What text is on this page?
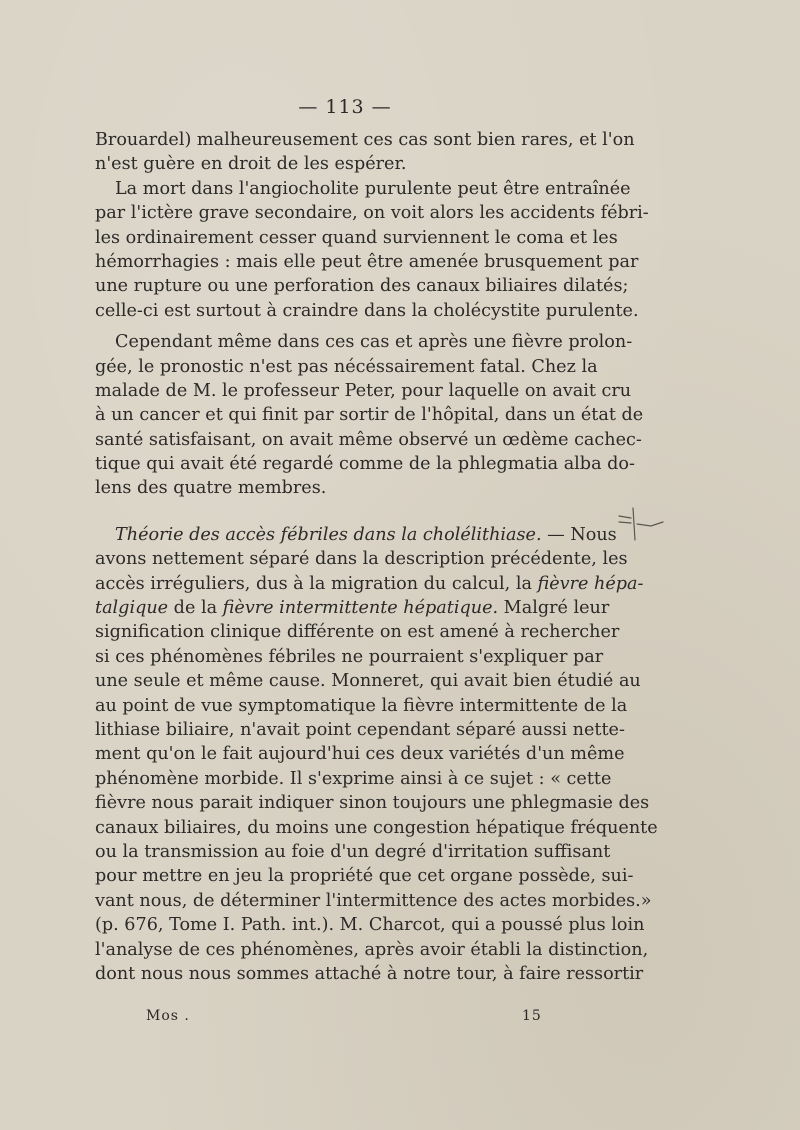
— 113 —
Brouardel) malheureusement ces cas sont bien rares, et l'on
n'est guère en droit de les espérer.
La mort dans l'angiocholite purulente peut être entraînée
par l'ictère grave secondaire, on voit alors les accidents fébri-
les ordinairement cesser quand surviennent le coma et les
hémorrhagies : mais elle peut être amenée brusquement par
une rupture ou une perforation des canaux biliaires dilatés;
celle-ci est surtout à craindre dans la cholécystite purulente.
Cependant même dans ces cas et après une fièvre prolon-
gée, le pronostic n'est pas nécéssairement fatal. Chez la
malade de M. le professeur Peter, pour laquelle on avait cru
à un cancer et qui finit par sortir de l'hôpital, dans un état de
santé satisfaisant, on avait même observé un œdème cachec-
tique qui avait été regardé comme de la phlegmatia alba do-
lens des quatre membres.
Théorie des accès fébriles dans la cholélithiase. — Nous
avons nettement séparé dans la description précédente, les
accès irréguliers, dus à la migration du calcul, la fièvre hépa-
talgique de la fièvre intermittente hépatique. Malgré leur
signification clinique différente on est amené à rechercher
si ces phénomènes fébriles ne pourraient s'expliquer par
une seule et même cause. Monneret, qui avait bien étudié au
au point de vue symptomatique la fièvre intermittente de la
lithiase biliaire, n'avait point cependant séparé aussi nette-
ment qu'on le fait aujourd'hui ces deux variétés d'un même
phénomène morbide. Il s'exprime ainsi à ce sujet : « cette
fièvre nous parait indiquer sinon toujours une phlegmasie des
canaux biliaires, du moins une congestion hépatique fréquente
ou la transmission au foie d'un degré d'irritation suffisant
pour mettre en jeu la propriété que cet organe possède, sui-
vant nous, de déterminer l'intermittence des actes morbides.»
(p. 676, Tome I. Path. int.). M. Charcot, qui a poussé plus loin
l'analyse de ces phénomènes, après avoir établi la distinction,
dont nous nous sommes attaché à notre tour, à faire ressortir
Mos .	15
